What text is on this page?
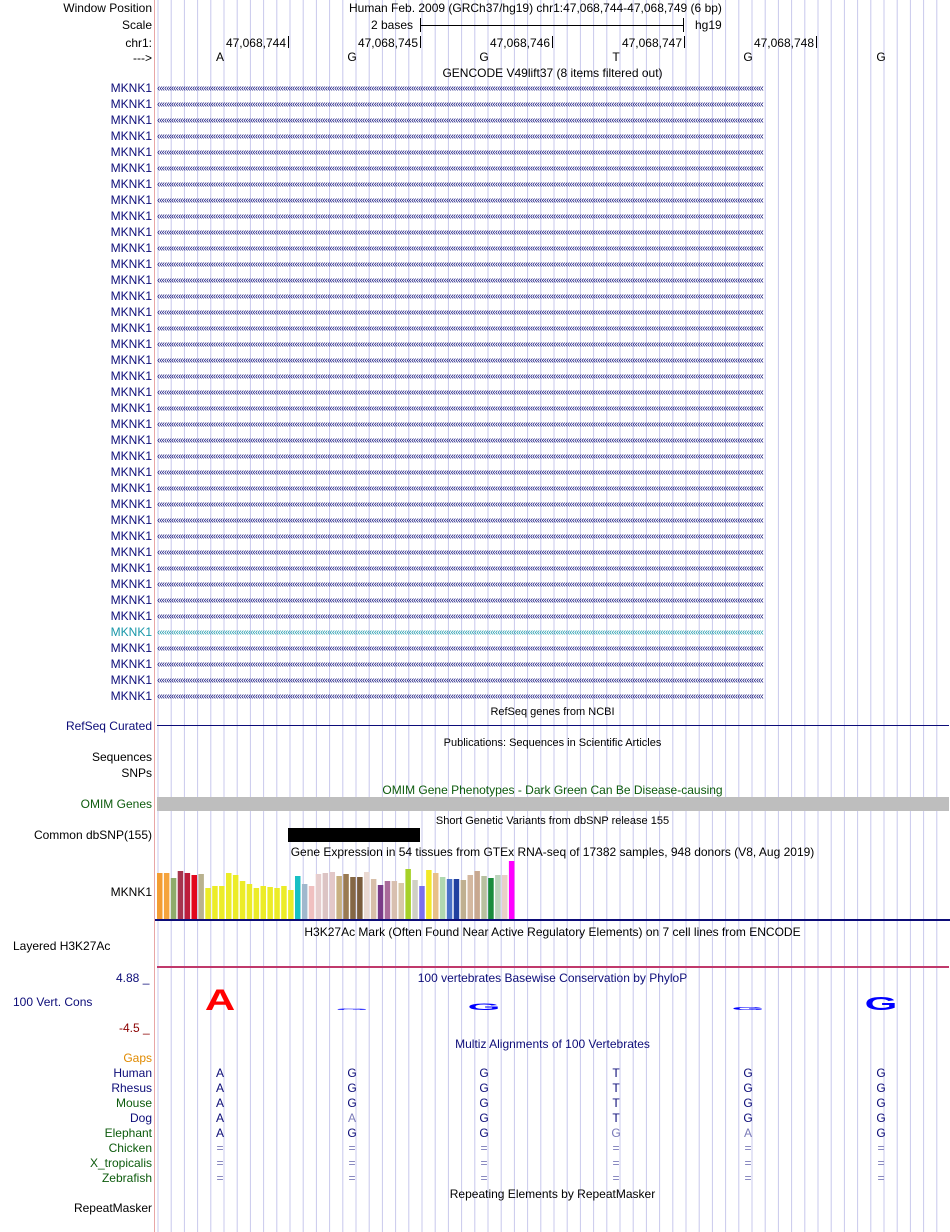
Window Position	Human Feb. 2009 (GRCh37/hg19) chr1:47,068,744-47,068,749 (6 bp)
Scale	2 bases	hg19
chr1:	47,068,744	47,068,745	47,068,746	47,068,747	47,068,748
--->	A	G	G	T	G	G
GENCODE V49lift37 (8 items filtered out)
MKNK1 ‹‹‹‹‹‹‹‹‹‹‹‹‹‹‹‹‹‹‹‹‹‹‹‹‹‹‹‹‹‹‹‹‹‹‹‹‹‹‹‹‹‹‹‹‹‹‹‹‹‹‹‹‹‹‹‹‹‹‹‹‹‹‹‹‹‹‹‹‹‹‹‹‹‹‹‹‹‹‹‹‹‹‹‹‹‹‹‹‹‹‹‹‹‹‹‹‹‹‹‹‹‹‹‹‹‹‹‹‹‹‹‹‹‹‹‹‹‹‹‹‹‹‹‹‹‹‹‹‹‹‹‹‹‹‹‹‹‹‹‹‹‹‹‹‹‹‹‹‹‹‹‹‹‹‹‹‹‹‹‹‹‹‹‹‹‹‹‹‹‹‹‹‹‹‹‹‹‹‹‹‹‹‹‹‹‹‹‹‹‹‹‹‹‹‹‹‹‹‹‹‹‹‹‹‹‹‹‹‹‹‹‹‹‹‹‹‹‹‹‹‹‹‹‹‹‹‹‹‹‹‹‹‹‹‹‹‹‹‹‹‹‹‹‹‹‹‹‹‹‹‹‹‹‹‹‹‹‹‹‹
MKNK1 ‹‹‹‹‹‹‹‹‹‹‹‹‹‹‹‹‹‹‹‹‹‹‹‹‹‹‹‹‹‹‹‹‹‹‹‹‹‹‹‹‹‹‹‹‹‹‹‹‹‹‹‹‹‹‹‹‹‹‹‹‹‹‹‹‹‹‹‹‹‹‹‹‹‹‹‹‹‹‹‹‹‹‹‹‹‹‹‹‹‹‹‹‹‹‹‹‹‹‹‹‹‹‹‹‹‹‹‹‹‹‹‹‹‹‹‹‹‹‹‹‹‹‹‹‹‹‹‹‹‹‹‹‹‹‹‹‹‹‹‹‹‹‹‹‹‹‹‹‹‹‹‹‹‹‹‹‹‹‹‹‹‹‹‹‹‹‹‹‹‹‹‹‹‹‹‹‹‹‹‹‹‹‹‹‹‹‹‹‹‹‹‹‹‹‹‹‹‹‹‹‹‹‹‹‹‹‹‹‹‹‹‹‹‹‹‹‹‹‹‹‹‹‹‹‹‹‹‹‹‹‹‹‹‹‹‹‹‹‹‹‹‹‹‹‹‹‹‹‹‹‹‹‹‹‹‹‹‹‹‹
MKNK1 ‹‹‹‹‹‹‹‹‹‹‹‹‹‹‹‹‹‹‹‹‹‹‹‹‹‹‹‹‹‹‹‹‹‹‹‹‹‹‹‹‹‹‹‹‹‹‹‹‹‹‹‹‹‹‹‹‹‹‹‹‹‹‹‹‹‹‹‹‹‹‹‹‹‹‹‹‹‹‹‹‹‹‹‹‹‹‹‹‹‹‹‹‹‹‹‹‹‹‹‹‹‹‹‹‹‹‹‹‹‹‹‹‹‹‹‹‹‹‹‹‹‹‹‹‹‹‹‹‹‹‹‹‹‹‹‹‹‹‹‹‹‹‹‹‹‹‹‹‹‹‹‹‹‹‹‹‹‹‹‹‹‹‹‹‹‹‹‹‹‹‹‹‹‹‹‹‹‹‹‹‹‹‹‹‹‹‹‹‹‹‹‹‹‹‹‹‹‹‹‹‹‹‹‹‹‹‹‹‹‹‹‹‹‹‹‹‹‹‹‹‹‹‹‹‹‹‹‹‹‹‹‹‹‹‹‹‹‹‹‹‹‹‹‹‹‹‹‹‹‹‹‹‹‹‹‹‹‹‹‹
MKNK1 ‹‹‹‹‹‹‹‹‹‹‹‹‹‹‹‹‹‹‹‹‹‹‹‹‹‹‹‹‹‹‹‹‹‹‹‹‹‹‹‹‹‹‹‹‹‹‹‹‹‹‹‹‹‹‹‹‹‹‹‹‹‹‹‹‹‹‹‹‹‹‹‹‹‹‹‹‹‹‹‹‹‹‹‹‹‹‹‹‹‹‹‹‹‹‹‹‹‹‹‹‹‹‹‹‹‹‹‹‹‹‹‹‹‹‹‹‹‹‹‹‹‹‹‹‹‹‹‹‹‹‹‹‹‹‹‹‹‹‹‹‹‹‹‹‹‹‹‹‹‹‹‹‹‹‹‹‹‹‹‹‹‹‹‹‹‹‹‹‹‹‹‹‹‹‹‹‹‹‹‹‹‹‹‹‹‹‹‹‹‹‹‹‹‹‹‹‹‹‹‹‹‹‹‹‹‹‹‹‹‹‹‹‹‹‹‹‹‹‹‹‹‹‹‹‹‹‹‹‹‹‹‹‹‹‹‹‹‹‹‹‹‹‹‹‹‹‹‹‹‹‹‹‹‹‹‹‹‹‹‹
MKNK1 ‹‹‹‹‹‹‹‹‹‹‹‹‹‹‹‹‹‹‹‹‹‹‹‹‹‹‹‹‹‹‹‹‹‹‹‹‹‹‹‹‹‹‹‹‹‹‹‹‹‹‹‹‹‹‹‹‹‹‹‹‹‹‹‹‹‹‹‹‹‹‹‹‹‹‹‹‹‹‹‹‹‹‹‹‹‹‹‹‹‹‹‹‹‹‹‹‹‹‹‹‹‹‹‹‹‹‹‹‹‹‹‹‹‹‹‹‹‹‹‹‹‹‹‹‹‹‹‹‹‹‹‹‹‹‹‹‹‹‹‹‹‹‹‹‹‹‹‹‹‹‹‹‹‹‹‹‹‹‹‹‹‹‹‹‹‹‹‹‹‹‹‹‹‹‹‹‹‹‹‹‹‹‹‹‹‹‹‹‹‹‹‹‹‹‹‹‹‹‹‹‹‹‹‹‹‹‹‹‹‹‹‹‹‹‹‹‹‹‹‹‹‹‹‹‹‹‹‹‹‹‹‹‹‹‹‹‹‹‹‹‹‹‹‹‹‹‹‹‹‹‹‹‹‹‹‹‹‹‹‹
MKNK1 ‹‹‹‹‹‹‹‹‹‹‹‹‹‹‹‹‹‹‹‹‹‹‹‹‹‹‹‹‹‹‹‹‹‹‹‹‹‹‹‹‹‹‹‹‹‹‹‹‹‹‹‹‹‹‹‹‹‹‹‹‹‹‹‹‹‹‹‹‹‹‹‹‹‹‹‹‹‹‹‹‹‹‹‹‹‹‹‹‹‹‹‹‹‹‹‹‹‹‹‹‹‹‹‹‹‹‹‹‹‹‹‹‹‹‹‹‹‹‹‹‹‹‹‹‹‹‹‹‹‹‹‹‹‹‹‹‹‹‹‹‹‹‹‹‹‹‹‹‹‹‹‹‹‹‹‹‹‹‹‹‹‹‹‹‹‹‹‹‹‹‹‹‹‹‹‹‹‹‹‹‹‹‹‹‹‹‹‹‹‹‹‹‹‹‹‹‹‹‹‹‹‹‹‹‹‹‹‹‹‹‹‹‹‹‹‹‹‹‹‹‹‹‹‹‹‹‹‹‹‹‹‹‹‹‹‹‹‹‹‹‹‹‹‹‹‹‹‹‹‹‹‹‹‹‹‹‹‹‹‹
MKNK1 ‹‹‹‹‹‹‹‹‹‹‹‹‹‹‹‹‹‹‹‹‹‹‹‹‹‹‹‹‹‹‹‹‹‹‹‹‹‹‹‹‹‹‹‹‹‹‹‹‹‹‹‹‹‹‹‹‹‹‹‹‹‹‹‹‹‹‹‹‹‹‹‹‹‹‹‹‹‹‹‹‹‹‹‹‹‹‹‹‹‹‹‹‹‹‹‹‹‹‹‹‹‹‹‹‹‹‹‹‹‹‹‹‹‹‹‹‹‹‹‹‹‹‹‹‹‹‹‹‹‹‹‹‹‹‹‹‹‹‹‹‹‹‹‹‹‹‹‹‹‹‹‹‹‹‹‹‹‹‹‹‹‹‹‹‹‹‹‹‹‹‹‹‹‹‹‹‹‹‹‹‹‹‹‹‹‹‹‹‹‹‹‹‹‹‹‹‹‹‹‹‹‹‹‹‹‹‹‹‹‹‹‹‹‹‹‹‹‹‹‹‹‹‹‹‹‹‹‹‹‹‹‹‹‹‹‹‹‹‹‹‹‹‹‹‹‹‹‹‹‹‹‹‹‹‹‹‹‹‹‹
MKNK1 ‹‹‹‹‹‹‹‹‹‹‹‹‹‹‹‹‹‹‹‹‹‹‹‹‹‹‹‹‹‹‹‹‹‹‹‹‹‹‹‹‹‹‹‹‹‹‹‹‹‹‹‹‹‹‹‹‹‹‹‹‹‹‹‹‹‹‹‹‹‹‹‹‹‹‹‹‹‹‹‹‹‹‹‹‹‹‹‹‹‹‹‹‹‹‹‹‹‹‹‹‹‹‹‹‹‹‹‹‹‹‹‹‹‹‹‹‹‹‹‹‹‹‹‹‹‹‹‹‹‹‹‹‹‹‹‹‹‹‹‹‹‹‹‹‹‹‹‹‹‹‹‹‹‹‹‹‹‹‹‹‹‹‹‹‹‹‹‹‹‹‹‹‹‹‹‹‹‹‹‹‹‹‹‹‹‹‹‹‹‹‹‹‹‹‹‹‹‹‹‹‹‹‹‹‹‹‹‹‹‹‹‹‹‹‹‹‹‹‹‹‹‹‹‹‹‹‹‹‹‹‹‹‹‹‹‹‹‹‹‹‹‹‹‹‹‹‹‹‹‹‹‹‹‹‹‹‹‹‹‹
MKNK1 ‹‹‹‹‹‹‹‹‹‹‹‹‹‹‹‹‹‹‹‹‹‹‹‹‹‹‹‹‹‹‹‹‹‹‹‹‹‹‹‹‹‹‹‹‹‹‹‹‹‹‹‹‹‹‹‹‹‹‹‹‹‹‹‹‹‹‹‹‹‹‹‹‹‹‹‹‹‹‹‹‹‹‹‹‹‹‹‹‹‹‹‹‹‹‹‹‹‹‹‹‹‹‹‹‹‹‹‹‹‹‹‹‹‹‹‹‹‹‹‹‹‹‹‹‹‹‹‹‹‹‹‹‹‹‹‹‹‹‹‹‹‹‹‹‹‹‹‹‹‹‹‹‹‹‹‹‹‹‹‹‹‹‹‹‹‹‹‹‹‹‹‹‹‹‹‹‹‹‹‹‹‹‹‹‹‹‹‹‹‹‹‹‹‹‹‹‹‹‹‹‹‹‹‹‹‹‹‹‹‹‹‹‹‹‹‹‹‹‹‹‹‹‹‹‹‹‹‹‹‹‹‹‹‹‹‹‹‹‹‹‹‹‹‹‹‹‹‹‹‹‹‹‹‹‹‹‹‹‹‹
MKNK1 ‹‹‹‹‹‹‹‹‹‹‹‹‹‹‹‹‹‹‹‹‹‹‹‹‹‹‹‹‹‹‹‹‹‹‹‹‹‹‹‹‹‹‹‹‹‹‹‹‹‹‹‹‹‹‹‹‹‹‹‹‹‹‹‹‹‹‹‹‹‹‹‹‹‹‹‹‹‹‹‹‹‹‹‹‹‹‹‹‹‹‹‹‹‹‹‹‹‹‹‹‹‹‹‹‹‹‹‹‹‹‹‹‹‹‹‹‹‹‹‹‹‹‹‹‹‹‹‹‹‹‹‹‹‹‹‹‹‹‹‹‹‹‹‹‹‹‹‹‹‹‹‹‹‹‹‹‹‹‹‹‹‹‹‹‹‹‹‹‹‹‹‹‹‹‹‹‹‹‹‹‹‹‹‹‹‹‹‹‹‹‹‹‹‹‹‹‹‹‹‹‹‹‹‹‹‹‹‹‹‹‹‹‹‹‹‹‹‹‹‹‹‹‹‹‹‹‹‹‹‹‹‹‹‹‹‹‹‹‹‹‹‹‹‹‹‹‹‹‹‹‹‹‹‹‹‹‹‹‹‹
MKNK1 ‹‹‹‹‹‹‹‹‹‹‹‹‹‹‹‹‹‹‹‹‹‹‹‹‹‹‹‹‹‹‹‹‹‹‹‹‹‹‹‹‹‹‹‹‹‹‹‹‹‹‹‹‹‹‹‹‹‹‹‹‹‹‹‹‹‹‹‹‹‹‹‹‹‹‹‹‹‹‹‹‹‹‹‹‹‹‹‹‹‹‹‹‹‹‹‹‹‹‹‹‹‹‹‹‹‹‹‹‹‹‹‹‹‹‹‹‹‹‹‹‹‹‹‹‹‹‹‹‹‹‹‹‹‹‹‹‹‹‹‹‹‹‹‹‹‹‹‹‹‹‹‹‹‹‹‹‹‹‹‹‹‹‹‹‹‹‹‹‹‹‹‹‹‹‹‹‹‹‹‹‹‹‹‹‹‹‹‹‹‹‹‹‹‹‹‹‹‹‹‹‹‹‹‹‹‹‹‹‹‹‹‹‹‹‹‹‹‹‹‹‹‹‹‹‹‹‹‹‹‹‹‹‹‹‹‹‹‹‹‹‹‹‹‹‹‹‹‹‹‹‹‹‹‹‹‹‹‹‹‹
MKNK1 ‹‹‹‹‹‹‹‹‹‹‹‹‹‹‹‹‹‹‹‹‹‹‹‹‹‹‹‹‹‹‹‹‹‹‹‹‹‹‹‹‹‹‹‹‹‹‹‹‹‹‹‹‹‹‹‹‹‹‹‹‹‹‹‹‹‹‹‹‹‹‹‹‹‹‹‹‹‹‹‹‹‹‹‹‹‹‹‹‹‹‹‹‹‹‹‹‹‹‹‹‹‹‹‹‹‹‹‹‹‹‹‹‹‹‹‹‹‹‹‹‹‹‹‹‹‹‹‹‹‹‹‹‹‹‹‹‹‹‹‹‹‹‹‹‹‹‹‹‹‹‹‹‹‹‹‹‹‹‹‹‹‹‹‹‹‹‹‹‹‹‹‹‹‹‹‹‹‹‹‹‹‹‹‹‹‹‹‹‹‹‹‹‹‹‹‹‹‹‹‹‹‹‹‹‹‹‹‹‹‹‹‹‹‹‹‹‹‹‹‹‹‹‹‹‹‹‹‹‹‹‹‹‹‹‹‹‹‹‹‹‹‹‹‹‹‹‹‹‹‹‹‹‹‹‹‹‹‹‹‹
MKNK1 ‹‹‹‹‹‹‹‹‹‹‹‹‹‹‹‹‹‹‹‹‹‹‹‹‹‹‹‹‹‹‹‹‹‹‹‹‹‹‹‹‹‹‹‹‹‹‹‹‹‹‹‹‹‹‹‹‹‹‹‹‹‹‹‹‹‹‹‹‹‹‹‹‹‹‹‹‹‹‹‹‹‹‹‹‹‹‹‹‹‹‹‹‹‹‹‹‹‹‹‹‹‹‹‹‹‹‹‹‹‹‹‹‹‹‹‹‹‹‹‹‹‹‹‹‹‹‹‹‹‹‹‹‹‹‹‹‹‹‹‹‹‹‹‹‹‹‹‹‹‹‹‹‹‹‹‹‹‹‹‹‹‹‹‹‹‹‹‹‹‹‹‹‹‹‹‹‹‹‹‹‹‹‹‹‹‹‹‹‹‹‹‹‹‹‹‹‹‹‹‹‹‹‹‹‹‹‹‹‹‹‹‹‹‹‹‹‹‹‹‹‹‹‹‹‹‹‹‹‹‹‹‹‹‹‹‹‹‹‹‹‹‹‹‹‹‹‹‹‹‹‹‹‹‹‹‹‹‹‹‹
MKNK1 ‹‹‹‹‹‹‹‹‹‹‹‹‹‹‹‹‹‹‹‹‹‹‹‹‹‹‹‹‹‹‹‹‹‹‹‹‹‹‹‹‹‹‹‹‹‹‹‹‹‹‹‹‹‹‹‹‹‹‹‹‹‹‹‹‹‹‹‹‹‹‹‹‹‹‹‹‹‹‹‹‹‹‹‹‹‹‹‹‹‹‹‹‹‹‹‹‹‹‹‹‹‹‹‹‹‹‹‹‹‹‹‹‹‹‹‹‹‹‹‹‹‹‹‹‹‹‹‹‹‹‹‹‹‹‹‹‹‹‹‹‹‹‹‹‹‹‹‹‹‹‹‹‹‹‹‹‹‹‹‹‹‹‹‹‹‹‹‹‹‹‹‹‹‹‹‹‹‹‹‹‹‹‹‹‹‹‹‹‹‹‹‹‹‹‹‹‹‹‹‹‹‹‹‹‹‹‹‹‹‹‹‹‹‹‹‹‹‹‹‹‹‹‹‹‹‹‹‹‹‹‹‹‹‹‹‹‹‹‹‹‹‹‹‹‹‹‹‹‹‹‹‹‹‹‹‹‹‹‹‹
MKNK1 ‹‹‹‹‹‹‹‹‹‹‹‹‹‹‹‹‹‹‹‹‹‹‹‹‹‹‹‹‹‹‹‹‹‹‹‹‹‹‹‹‹‹‹‹‹‹‹‹‹‹‹‹‹‹‹‹‹‹‹‹‹‹‹‹‹‹‹‹‹‹‹‹‹‹‹‹‹‹‹‹‹‹‹‹‹‹‹‹‹‹‹‹‹‹‹‹‹‹‹‹‹‹‹‹‹‹‹‹‹‹‹‹‹‹‹‹‹‹‹‹‹‹‹‹‹‹‹‹‹‹‹‹‹‹‹‹‹‹‹‹‹‹‹‹‹‹‹‹‹‹‹‹‹‹‹‹‹‹‹‹‹‹‹‹‹‹‹‹‹‹‹‹‹‹‹‹‹‹‹‹‹‹‹‹‹‹‹‹‹‹‹‹‹‹‹‹‹‹‹‹‹‹‹‹‹‹‹‹‹‹‹‹‹‹‹‹‹‹‹‹‹‹‹‹‹‹‹‹‹‹‹‹‹‹‹‹‹‹‹‹‹‹‹‹‹‹‹‹‹‹‹‹‹‹‹‹‹‹‹‹
MKNK1 ‹‹‹‹‹‹‹‹‹‹‹‹‹‹‹‹‹‹‹‹‹‹‹‹‹‹‹‹‹‹‹‹‹‹‹‹‹‹‹‹‹‹‹‹‹‹‹‹‹‹‹‹‹‹‹‹‹‹‹‹‹‹‹‹‹‹‹‹‹‹‹‹‹‹‹‹‹‹‹‹‹‹‹‹‹‹‹‹‹‹‹‹‹‹‹‹‹‹‹‹‹‹‹‹‹‹‹‹‹‹‹‹‹‹‹‹‹‹‹‹‹‹‹‹‹‹‹‹‹‹‹‹‹‹‹‹‹‹‹‹‹‹‹‹‹‹‹‹‹‹‹‹‹‹‹‹‹‹‹‹‹‹‹‹‹‹‹‹‹‹‹‹‹‹‹‹‹‹‹‹‹‹‹‹‹‹‹‹‹‹‹‹‹‹‹‹‹‹‹‹‹‹‹‹‹‹‹‹‹‹‹‹‹‹‹‹‹‹‹‹‹‹‹‹‹‹‹‹‹‹‹‹‹‹‹‹‹‹‹‹‹‹‹‹‹‹‹‹‹‹‹‹‹‹‹‹‹‹‹‹
MKNK1 ‹‹‹‹‹‹‹‹‹‹‹‹‹‹‹‹‹‹‹‹‹‹‹‹‹‹‹‹‹‹‹‹‹‹‹‹‹‹‹‹‹‹‹‹‹‹‹‹‹‹‹‹‹‹‹‹‹‹‹‹‹‹‹‹‹‹‹‹‹‹‹‹‹‹‹‹‹‹‹‹‹‹‹‹‹‹‹‹‹‹‹‹‹‹‹‹‹‹‹‹‹‹‹‹‹‹‹‹‹‹‹‹‹‹‹‹‹‹‹‹‹‹‹‹‹‹‹‹‹‹‹‹‹‹‹‹‹‹‹‹‹‹‹‹‹‹‹‹‹‹‹‹‹‹‹‹‹‹‹‹‹‹‹‹‹‹‹‹‹‹‹‹‹‹‹‹‹‹‹‹‹‹‹‹‹‹‹‹‹‹‹‹‹‹‹‹‹‹‹‹‹‹‹‹‹‹‹‹‹‹‹‹‹‹‹‹‹‹‹‹‹‹‹‹‹‹‹‹‹‹‹‹‹‹‹‹‹‹‹‹‹‹‹‹‹‹‹‹‹‹‹‹‹‹‹‹‹‹‹‹
MKNK1 ‹‹‹‹‹‹‹‹‹‹‹‹‹‹‹‹‹‹‹‹‹‹‹‹‹‹‹‹‹‹‹‹‹‹‹‹‹‹‹‹‹‹‹‹‹‹‹‹‹‹‹‹‹‹‹‹‹‹‹‹‹‹‹‹‹‹‹‹‹‹‹‹‹‹‹‹‹‹‹‹‹‹‹‹‹‹‹‹‹‹‹‹‹‹‹‹‹‹‹‹‹‹‹‹‹‹‹‹‹‹‹‹‹‹‹‹‹‹‹‹‹‹‹‹‹‹‹‹‹‹‹‹‹‹‹‹‹‹‹‹‹‹‹‹‹‹‹‹‹‹‹‹‹‹‹‹‹‹‹‹‹‹‹‹‹‹‹‹‹‹‹‹‹‹‹‹‹‹‹‹‹‹‹‹‹‹‹‹‹‹‹‹‹‹‹‹‹‹‹‹‹‹‹‹‹‹‹‹‹‹‹‹‹‹‹‹‹‹‹‹‹‹‹‹‹‹‹‹‹‹‹‹‹‹‹‹‹‹‹‹‹‹‹‹‹‹‹‹‹‹‹‹‹‹‹‹‹‹‹‹
MKNK1 ‹‹‹‹‹‹‹‹‹‹‹‹‹‹‹‹‹‹‹‹‹‹‹‹‹‹‹‹‹‹‹‹‹‹‹‹‹‹‹‹‹‹‹‹‹‹‹‹‹‹‹‹‹‹‹‹‹‹‹‹‹‹‹‹‹‹‹‹‹‹‹‹‹‹‹‹‹‹‹‹‹‹‹‹‹‹‹‹‹‹‹‹‹‹‹‹‹‹‹‹‹‹‹‹‹‹‹‹‹‹‹‹‹‹‹‹‹‹‹‹‹‹‹‹‹‹‹‹‹‹‹‹‹‹‹‹‹‹‹‹‹‹‹‹‹‹‹‹‹‹‹‹‹‹‹‹‹‹‹‹‹‹‹‹‹‹‹‹‹‹‹‹‹‹‹‹‹‹‹‹‹‹‹‹‹‹‹‹‹‹‹‹‹‹‹‹‹‹‹‹‹‹‹‹‹‹‹‹‹‹‹‹‹‹‹‹‹‹‹‹‹‹‹‹‹‹‹‹‹‹‹‹‹‹‹‹‹‹‹‹‹‹‹‹‹‹‹‹‹‹‹‹‹‹‹‹‹‹‹‹
MKNK1 ‹‹‹‹‹‹‹‹‹‹‹‹‹‹‹‹‹‹‹‹‹‹‹‹‹‹‹‹‹‹‹‹‹‹‹‹‹‹‹‹‹‹‹‹‹‹‹‹‹‹‹‹‹‹‹‹‹‹‹‹‹‹‹‹‹‹‹‹‹‹‹‹‹‹‹‹‹‹‹‹‹‹‹‹‹‹‹‹‹‹‹‹‹‹‹‹‹‹‹‹‹‹‹‹‹‹‹‹‹‹‹‹‹‹‹‹‹‹‹‹‹‹‹‹‹‹‹‹‹‹‹‹‹‹‹‹‹‹‹‹‹‹‹‹‹‹‹‹‹‹‹‹‹‹‹‹‹‹‹‹‹‹‹‹‹‹‹‹‹‹‹‹‹‹‹‹‹‹‹‹‹‹‹‹‹‹‹‹‹‹‹‹‹‹‹‹‹‹‹‹‹‹‹‹‹‹‹‹‹‹‹‹‹‹‹‹‹‹‹‹‹‹‹‹‹‹‹‹‹‹‹‹‹‹‹‹‹‹‹‹‹‹‹‹‹‹‹‹‹‹‹‹‹‹‹‹‹‹‹‹
MKNK1 ‹‹‹‹‹‹‹‹‹‹‹‹‹‹‹‹‹‹‹‹‹‹‹‹‹‹‹‹‹‹‹‹‹‹‹‹‹‹‹‹‹‹‹‹‹‹‹‹‹‹‹‹‹‹‹‹‹‹‹‹‹‹‹‹‹‹‹‹‹‹‹‹‹‹‹‹‹‹‹‹‹‹‹‹‹‹‹‹‹‹‹‹‹‹‹‹‹‹‹‹‹‹‹‹‹‹‹‹‹‹‹‹‹‹‹‹‹‹‹‹‹‹‹‹‹‹‹‹‹‹‹‹‹‹‹‹‹‹‹‹‹‹‹‹‹‹‹‹‹‹‹‹‹‹‹‹‹‹‹‹‹‹‹‹‹‹‹‹‹‹‹‹‹‹‹‹‹‹‹‹‹‹‹‹‹‹‹‹‹‹‹‹‹‹‹‹‹‹‹‹‹‹‹‹‹‹‹‹‹‹‹‹‹‹‹‹‹‹‹‹‹‹‹‹‹‹‹‹‹‹‹‹‹‹‹‹‹‹‹‹‹‹‹‹‹‹‹‹‹‹‹‹‹‹‹‹‹‹‹‹
MKNK1 ‹‹‹‹‹‹‹‹‹‹‹‹‹‹‹‹‹‹‹‹‹‹‹‹‹‹‹‹‹‹‹‹‹‹‹‹‹‹‹‹‹‹‹‹‹‹‹‹‹‹‹‹‹‹‹‹‹‹‹‹‹‹‹‹‹‹‹‹‹‹‹‹‹‹‹‹‹‹‹‹‹‹‹‹‹‹‹‹‹‹‹‹‹‹‹‹‹‹‹‹‹‹‹‹‹‹‹‹‹‹‹‹‹‹‹‹‹‹‹‹‹‹‹‹‹‹‹‹‹‹‹‹‹‹‹‹‹‹‹‹‹‹‹‹‹‹‹‹‹‹‹‹‹‹‹‹‹‹‹‹‹‹‹‹‹‹‹‹‹‹‹‹‹‹‹‹‹‹‹‹‹‹‹‹‹‹‹‹‹‹‹‹‹‹‹‹‹‹‹‹‹‹‹‹‹‹‹‹‹‹‹‹‹‹‹‹‹‹‹‹‹‹‹‹‹‹‹‹‹‹‹‹‹‹‹‹‹‹‹‹‹‹‹‹‹‹‹‹‹‹‹‹‹‹‹‹‹‹‹‹
MKNK1 ‹‹‹‹‹‹‹‹‹‹‹‹‹‹‹‹‹‹‹‹‹‹‹‹‹‹‹‹‹‹‹‹‹‹‹‹‹‹‹‹‹‹‹‹‹‹‹‹‹‹‹‹‹‹‹‹‹‹‹‹‹‹‹‹‹‹‹‹‹‹‹‹‹‹‹‹‹‹‹‹‹‹‹‹‹‹‹‹‹‹‹‹‹‹‹‹‹‹‹‹‹‹‹‹‹‹‹‹‹‹‹‹‹‹‹‹‹‹‹‹‹‹‹‹‹‹‹‹‹‹‹‹‹‹‹‹‹‹‹‹‹‹‹‹‹‹‹‹‹‹‹‹‹‹‹‹‹‹‹‹‹‹‹‹‹‹‹‹‹‹‹‹‹‹‹‹‹‹‹‹‹‹‹‹‹‹‹‹‹‹‹‹‹‹‹‹‹‹‹‹‹‹‹‹‹‹‹‹‹‹‹‹‹‹‹‹‹‹‹‹‹‹‹‹‹‹‹‹‹‹‹‹‹‹‹‹‹‹‹‹‹‹‹‹‹‹‹‹‹‹‹‹‹‹‹‹‹‹‹‹
MKNK1 ‹‹‹‹‹‹‹‹‹‹‹‹‹‹‹‹‹‹‹‹‹‹‹‹‹‹‹‹‹‹‹‹‹‹‹‹‹‹‹‹‹‹‹‹‹‹‹‹‹‹‹‹‹‹‹‹‹‹‹‹‹‹‹‹‹‹‹‹‹‹‹‹‹‹‹‹‹‹‹‹‹‹‹‹‹‹‹‹‹‹‹‹‹‹‹‹‹‹‹‹‹‹‹‹‹‹‹‹‹‹‹‹‹‹‹‹‹‹‹‹‹‹‹‹‹‹‹‹‹‹‹‹‹‹‹‹‹‹‹‹‹‹‹‹‹‹‹‹‹‹‹‹‹‹‹‹‹‹‹‹‹‹‹‹‹‹‹‹‹‹‹‹‹‹‹‹‹‹‹‹‹‹‹‹‹‹‹‹‹‹‹‹‹‹‹‹‹‹‹‹‹‹‹‹‹‹‹‹‹‹‹‹‹‹‹‹‹‹‹‹‹‹‹‹‹‹‹‹‹‹‹‹‹‹‹‹‹‹‹‹‹‹‹‹‹‹‹‹‹‹‹‹‹‹‹‹‹‹‹‹
MKNK1 ‹‹‹‹‹‹‹‹‹‹‹‹‹‹‹‹‹‹‹‹‹‹‹‹‹‹‹‹‹‹‹‹‹‹‹‹‹‹‹‹‹‹‹‹‹‹‹‹‹‹‹‹‹‹‹‹‹‹‹‹‹‹‹‹‹‹‹‹‹‹‹‹‹‹‹‹‹‹‹‹‹‹‹‹‹‹‹‹‹‹‹‹‹‹‹‹‹‹‹‹‹‹‹‹‹‹‹‹‹‹‹‹‹‹‹‹‹‹‹‹‹‹‹‹‹‹‹‹‹‹‹‹‹‹‹‹‹‹‹‹‹‹‹‹‹‹‹‹‹‹‹‹‹‹‹‹‹‹‹‹‹‹‹‹‹‹‹‹‹‹‹‹‹‹‹‹‹‹‹‹‹‹‹‹‹‹‹‹‹‹‹‹‹‹‹‹‹‹‹‹‹‹‹‹‹‹‹‹‹‹‹‹‹‹‹‹‹‹‹‹‹‹‹‹‹‹‹‹‹‹‹‹‹‹‹‹‹‹‹‹‹‹‹‹‹‹‹‹‹‹‹‹‹‹‹‹‹‹‹‹
MKNK1 ‹‹‹‹‹‹‹‹‹‹‹‹‹‹‹‹‹‹‹‹‹‹‹‹‹‹‹‹‹‹‹‹‹‹‹‹‹‹‹‹‹‹‹‹‹‹‹‹‹‹‹‹‹‹‹‹‹‹‹‹‹‹‹‹‹‹‹‹‹‹‹‹‹‹‹‹‹‹‹‹‹‹‹‹‹‹‹‹‹‹‹‹‹‹‹‹‹‹‹‹‹‹‹‹‹‹‹‹‹‹‹‹‹‹‹‹‹‹‹‹‹‹‹‹‹‹‹‹‹‹‹‹‹‹‹‹‹‹‹‹‹‹‹‹‹‹‹‹‹‹‹‹‹‹‹‹‹‹‹‹‹‹‹‹‹‹‹‹‹‹‹‹‹‹‹‹‹‹‹‹‹‹‹‹‹‹‹‹‹‹‹‹‹‹‹‹‹‹‹‹‹‹‹‹‹‹‹‹‹‹‹‹‹‹‹‹‹‹‹‹‹‹‹‹‹‹‹‹‹‹‹‹‹‹‹‹‹‹‹‹‹‹‹‹‹‹‹‹‹‹‹‹‹‹‹‹‹‹‹‹
MKNK1 ‹‹‹‹‹‹‹‹‹‹‹‹‹‹‹‹‹‹‹‹‹‹‹‹‹‹‹‹‹‹‹‹‹‹‹‹‹‹‹‹‹‹‹‹‹‹‹‹‹‹‹‹‹‹‹‹‹‹‹‹‹‹‹‹‹‹‹‹‹‹‹‹‹‹‹‹‹‹‹‹‹‹‹‹‹‹‹‹‹‹‹‹‹‹‹‹‹‹‹‹‹‹‹‹‹‹‹‹‹‹‹‹‹‹‹‹‹‹‹‹‹‹‹‹‹‹‹‹‹‹‹‹‹‹‹‹‹‹‹‹‹‹‹‹‹‹‹‹‹‹‹‹‹‹‹‹‹‹‹‹‹‹‹‹‹‹‹‹‹‹‹‹‹‹‹‹‹‹‹‹‹‹‹‹‹‹‹‹‹‹‹‹‹‹‹‹‹‹‹‹‹‹‹‹‹‹‹‹‹‹‹‹‹‹‹‹‹‹‹‹‹‹‹‹‹‹‹‹‹‹‹‹‹‹‹‹‹‹‹‹‹‹‹‹‹‹‹‹‹‹‹‹‹‹‹‹‹‹‹‹
MKNK1 ‹‹‹‹‹‹‹‹‹‹‹‹‹‹‹‹‹‹‹‹‹‹‹‹‹‹‹‹‹‹‹‹‹‹‹‹‹‹‹‹‹‹‹‹‹‹‹‹‹‹‹‹‹‹‹‹‹‹‹‹‹‹‹‹‹‹‹‹‹‹‹‹‹‹‹‹‹‹‹‹‹‹‹‹‹‹‹‹‹‹‹‹‹‹‹‹‹‹‹‹‹‹‹‹‹‹‹‹‹‹‹‹‹‹‹‹‹‹‹‹‹‹‹‹‹‹‹‹‹‹‹‹‹‹‹‹‹‹‹‹‹‹‹‹‹‹‹‹‹‹‹‹‹‹‹‹‹‹‹‹‹‹‹‹‹‹‹‹‹‹‹‹‹‹‹‹‹‹‹‹‹‹‹‹‹‹‹‹‹‹‹‹‹‹‹‹‹‹‹‹‹‹‹‹‹‹‹‹‹‹‹‹‹‹‹‹‹‹‹‹‹‹‹‹‹‹‹‹‹‹‹‹‹‹‹‹‹‹‹‹‹‹‹‹‹‹‹‹‹‹‹‹‹‹‹‹‹‹‹‹
MKNK1 ‹‹‹‹‹‹‹‹‹‹‹‹‹‹‹‹‹‹‹‹‹‹‹‹‹‹‹‹‹‹‹‹‹‹‹‹‹‹‹‹‹‹‹‹‹‹‹‹‹‹‹‹‹‹‹‹‹‹‹‹‹‹‹‹‹‹‹‹‹‹‹‹‹‹‹‹‹‹‹‹‹‹‹‹‹‹‹‹‹‹‹‹‹‹‹‹‹‹‹‹‹‹‹‹‹‹‹‹‹‹‹‹‹‹‹‹‹‹‹‹‹‹‹‹‹‹‹‹‹‹‹‹‹‹‹‹‹‹‹‹‹‹‹‹‹‹‹‹‹‹‹‹‹‹‹‹‹‹‹‹‹‹‹‹‹‹‹‹‹‹‹‹‹‹‹‹‹‹‹‹‹‹‹‹‹‹‹‹‹‹‹‹‹‹‹‹‹‹‹‹‹‹‹‹‹‹‹‹‹‹‹‹‹‹‹‹‹‹‹‹‹‹‹‹‹‹‹‹‹‹‹‹‹‹‹‹‹‹‹‹‹‹‹‹‹‹‹‹‹‹‹‹‹‹‹‹‹‹‹‹
MKNK1 ‹‹‹‹‹‹‹‹‹‹‹‹‹‹‹‹‹‹‹‹‹‹‹‹‹‹‹‹‹‹‹‹‹‹‹‹‹‹‹‹‹‹‹‹‹‹‹‹‹‹‹‹‹‹‹‹‹‹‹‹‹‹‹‹‹‹‹‹‹‹‹‹‹‹‹‹‹‹‹‹‹‹‹‹‹‹‹‹‹‹‹‹‹‹‹‹‹‹‹‹‹‹‹‹‹‹‹‹‹‹‹‹‹‹‹‹‹‹‹‹‹‹‹‹‹‹‹‹‹‹‹‹‹‹‹‹‹‹‹‹‹‹‹‹‹‹‹‹‹‹‹‹‹‹‹‹‹‹‹‹‹‹‹‹‹‹‹‹‹‹‹‹‹‹‹‹‹‹‹‹‹‹‹‹‹‹‹‹‹‹‹‹‹‹‹‹‹‹‹‹‹‹‹‹‹‹‹‹‹‹‹‹‹‹‹‹‹‹‹‹‹‹‹‹‹‹‹‹‹‹‹‹‹‹‹‹‹‹‹‹‹‹‹‹‹‹‹‹‹‹‹‹‹‹‹‹‹‹‹‹
MKNK1 ‹‹‹‹‹‹‹‹‹‹‹‹‹‹‹‹‹‹‹‹‹‹‹‹‹‹‹‹‹‹‹‹‹‹‹‹‹‹‹‹‹‹‹‹‹‹‹‹‹‹‹‹‹‹‹‹‹‹‹‹‹‹‹‹‹‹‹‹‹‹‹‹‹‹‹‹‹‹‹‹‹‹‹‹‹‹‹‹‹‹‹‹‹‹‹‹‹‹‹‹‹‹‹‹‹‹‹‹‹‹‹‹‹‹‹‹‹‹‹‹‹‹‹‹‹‹‹‹‹‹‹‹‹‹‹‹‹‹‹‹‹‹‹‹‹‹‹‹‹‹‹‹‹‹‹‹‹‹‹‹‹‹‹‹‹‹‹‹‹‹‹‹‹‹‹‹‹‹‹‹‹‹‹‹‹‹‹‹‹‹‹‹‹‹‹‹‹‹‹‹‹‹‹‹‹‹‹‹‹‹‹‹‹‹‹‹‹‹‹‹‹‹‹‹‹‹‹‹‹‹‹‹‹‹‹‹‹‹‹‹‹‹‹‹‹‹‹‹‹‹‹‹‹‹‹‹‹‹‹‹
MKNK1 ‹‹‹‹‹‹‹‹‹‹‹‹‹‹‹‹‹‹‹‹‹‹‹‹‹‹‹‹‹‹‹‹‹‹‹‹‹‹‹‹‹‹‹‹‹‹‹‹‹‹‹‹‹‹‹‹‹‹‹‹‹‹‹‹‹‹‹‹‹‹‹‹‹‹‹‹‹‹‹‹‹‹‹‹‹‹‹‹‹‹‹‹‹‹‹‹‹‹‹‹‹‹‹‹‹‹‹‹‹‹‹‹‹‹‹‹‹‹‹‹‹‹‹‹‹‹‹‹‹‹‹‹‹‹‹‹‹‹‹‹‹‹‹‹‹‹‹‹‹‹‹‹‹‹‹‹‹‹‹‹‹‹‹‹‹‹‹‹‹‹‹‹‹‹‹‹‹‹‹‹‹‹‹‹‹‹‹‹‹‹‹‹‹‹‹‹‹‹‹‹‹‹‹‹‹‹‹‹‹‹‹‹‹‹‹‹‹‹‹‹‹‹‹‹‹‹‹‹‹‹‹‹‹‹‹‹‹‹‹‹‹‹‹‹‹‹‹‹‹‹‹‹‹‹‹‹‹‹‹‹
MKNK1 ‹‹‹‹‹‹‹‹‹‹‹‹‹‹‹‹‹‹‹‹‹‹‹‹‹‹‹‹‹‹‹‹‹‹‹‹‹‹‹‹‹‹‹‹‹‹‹‹‹‹‹‹‹‹‹‹‹‹‹‹‹‹‹‹‹‹‹‹‹‹‹‹‹‹‹‹‹‹‹‹‹‹‹‹‹‹‹‹‹‹‹‹‹‹‹‹‹‹‹‹‹‹‹‹‹‹‹‹‹‹‹‹‹‹‹‹‹‹‹‹‹‹‹‹‹‹‹‹‹‹‹‹‹‹‹‹‹‹‹‹‹‹‹‹‹‹‹‹‹‹‹‹‹‹‹‹‹‹‹‹‹‹‹‹‹‹‹‹‹‹‹‹‹‹‹‹‹‹‹‹‹‹‹‹‹‹‹‹‹‹‹‹‹‹‹‹‹‹‹‹‹‹‹‹‹‹‹‹‹‹‹‹‹‹‹‹‹‹‹‹‹‹‹‹‹‹‹‹‹‹‹‹‹‹‹‹‹‹‹‹‹‹‹‹‹‹‹‹‹‹‹‹‹‹‹‹‹‹‹‹
MKNK1 ‹‹‹‹‹‹‹‹‹‹‹‹‹‹‹‹‹‹‹‹‹‹‹‹‹‹‹‹‹‹‹‹‹‹‹‹‹‹‹‹‹‹‹‹‹‹‹‹‹‹‹‹‹‹‹‹‹‹‹‹‹‹‹‹‹‹‹‹‹‹‹‹‹‹‹‹‹‹‹‹‹‹‹‹‹‹‹‹‹‹‹‹‹‹‹‹‹‹‹‹‹‹‹‹‹‹‹‹‹‹‹‹‹‹‹‹‹‹‹‹‹‹‹‹‹‹‹‹‹‹‹‹‹‹‹‹‹‹‹‹‹‹‹‹‹‹‹‹‹‹‹‹‹‹‹‹‹‹‹‹‹‹‹‹‹‹‹‹‹‹‹‹‹‹‹‹‹‹‹‹‹‹‹‹‹‹‹‹‹‹‹‹‹‹‹‹‹‹‹‹‹‹‹‹‹‹‹‹‹‹‹‹‹‹‹‹‹‹‹‹‹‹‹‹‹‹‹‹‹‹‹‹‹‹‹‹‹‹‹‹‹‹‹‹‹‹‹‹‹‹‹‹‹‹‹‹‹‹‹‹
MKNK1 ‹‹‹‹‹‹‹‹‹‹‹‹‹‹‹‹‹‹‹‹‹‹‹‹‹‹‹‹‹‹‹‹‹‹‹‹‹‹‹‹‹‹‹‹‹‹‹‹‹‹‹‹‹‹‹‹‹‹‹‹‹‹‹‹‹‹‹‹‹‹‹‹‹‹‹‹‹‹‹‹‹‹‹‹‹‹‹‹‹‹‹‹‹‹‹‹‹‹‹‹‹‹‹‹‹‹‹‹‹‹‹‹‹‹‹‹‹‹‹‹‹‹‹‹‹‹‹‹‹‹‹‹‹‹‹‹‹‹‹‹‹‹‹‹‹‹‹‹‹‹‹‹‹‹‹‹‹‹‹‹‹‹‹‹‹‹‹‹‹‹‹‹‹‹‹‹‹‹‹‹‹‹‹‹‹‹‹‹‹‹‹‹‹‹‹‹‹‹‹‹‹‹‹‹‹‹‹‹‹‹‹‹‹‹‹‹‹‹‹‹‹‹‹‹‹‹‹‹‹‹‹‹‹‹‹‹‹‹‹‹‹‹‹‹‹‹‹‹‹‹‹‹‹‹‹‹‹‹‹‹
MKNK1 ‹‹‹‹‹‹‹‹‹‹‹‹‹‹‹‹‹‹‹‹‹‹‹‹‹‹‹‹‹‹‹‹‹‹‹‹‹‹‹‹‹‹‹‹‹‹‹‹‹‹‹‹‹‹‹‹‹‹‹‹‹‹‹‹‹‹‹‹‹‹‹‹‹‹‹‹‹‹‹‹‹‹‹‹‹‹‹‹‹‹‹‹‹‹‹‹‹‹‹‹‹‹‹‹‹‹‹‹‹‹‹‹‹‹‹‹‹‹‹‹‹‹‹‹‹‹‹‹‹‹‹‹‹‹‹‹‹‹‹‹‹‹‹‹‹‹‹‹‹‹‹‹‹‹‹‹‹‹‹‹‹‹‹‹‹‹‹‹‹‹‹‹‹‹‹‹‹‹‹‹‹‹‹‹‹‹‹‹‹‹‹‹‹‹‹‹‹‹‹‹‹‹‹‹‹‹‹‹‹‹‹‹‹‹‹‹‹‹‹‹‹‹‹‹‹‹‹‹‹‹‹‹‹‹‹‹‹‹‹‹‹‹‹‹‹‹‹‹‹‹‹‹‹‹‹‹‹‹‹‹
MKNK1 ‹‹‹‹‹‹‹‹‹‹‹‹‹‹‹‹‹‹‹‹‹‹‹‹‹‹‹‹‹‹‹‹‹‹‹‹‹‹‹‹‹‹‹‹‹‹‹‹‹‹‹‹‹‹‹‹‹‹‹‹‹‹‹‹‹‹‹‹‹‹‹‹‹‹‹‹‹‹‹‹‹‹‹‹‹‹‹‹‹‹‹‹‹‹‹‹‹‹‹‹‹‹‹‹‹‹‹‹‹‹‹‹‹‹‹‹‹‹‹‹‹‹‹‹‹‹‹‹‹‹‹‹‹‹‹‹‹‹‹‹‹‹‹‹‹‹‹‹‹‹‹‹‹‹‹‹‹‹‹‹‹‹‹‹‹‹‹‹‹‹‹‹‹‹‹‹‹‹‹‹‹‹‹‹‹‹‹‹‹‹‹‹‹‹‹‹‹‹‹‹‹‹‹‹‹‹‹‹‹‹‹‹‹‹‹‹‹‹‹‹‹‹‹‹‹‹‹‹‹‹‹‹‹‹‹‹‹‹‹‹‹‹‹‹‹‹‹‹‹‹‹‹‹‹‹‹‹‹‹‹
MKNK1 ‹‹‹‹‹‹‹‹‹‹‹‹‹‹‹‹‹‹‹‹‹‹‹‹‹‹‹‹‹‹‹‹‹‹‹‹‹‹‹‹‹‹‹‹‹‹‹‹‹‹‹‹‹‹‹‹‹‹‹‹‹‹‹‹‹‹‹‹‹‹‹‹‹‹‹‹‹‹‹‹‹‹‹‹‹‹‹‹‹‹‹‹‹‹‹‹‹‹‹‹‹‹‹‹‹‹‹‹‹‹‹‹‹‹‹‹‹‹‹‹‹‹‹‹‹‹‹‹‹‹‹‹‹‹‹‹‹‹‹‹‹‹‹‹‹‹‹‹‹‹‹‹‹‹‹‹‹‹‹‹‹‹‹‹‹‹‹‹‹‹‹‹‹‹‹‹‹‹‹‹‹‹‹‹‹‹‹‹‹‹‹‹‹‹‹‹‹‹‹‹‹‹‹‹‹‹‹‹‹‹‹‹‹‹‹‹‹‹‹‹‹‹‹‹‹‹‹‹‹‹‹‹‹‹‹‹‹‹‹‹‹‹‹‹‹‹‹‹‹‹‹‹‹‹‹‹‹‹‹‹
MKNK1 ‹‹‹‹‹‹‹‹‹‹‹‹‹‹‹‹‹‹‹‹‹‹‹‹‹‹‹‹‹‹‹‹‹‹‹‹‹‹‹‹‹‹‹‹‹‹‹‹‹‹‹‹‹‹‹‹‹‹‹‹‹‹‹‹‹‹‹‹‹‹‹‹‹‹‹‹‹‹‹‹‹‹‹‹‹‹‹‹‹‹‹‹‹‹‹‹‹‹‹‹‹‹‹‹‹‹‹‹‹‹‹‹‹‹‹‹‹‹‹‹‹‹‹‹‹‹‹‹‹‹‹‹‹‹‹‹‹‹‹‹‹‹‹‹‹‹‹‹‹‹‹‹‹‹‹‹‹‹‹‹‹‹‹‹‹‹‹‹‹‹‹‹‹‹‹‹‹‹‹‹‹‹‹‹‹‹‹‹‹‹‹‹‹‹‹‹‹‹‹‹‹‹‹‹‹‹‹‹‹‹‹‹‹‹‹‹‹‹‹‹‹‹‹‹‹‹‹‹‹‹‹‹‹‹‹‹‹‹‹‹‹‹‹‹‹‹‹‹‹‹‹‹‹‹‹‹‹‹‹‹
RefSeq genes from NCBI
RefSeq Curated
Publications: Sequences in Scientific Articles
Sequences
SNPs
OMIM Gene Phenotypes - Dark Green Can Be Disease-causing
OMIM Genes
Short Genetic Variants from dbSNP release 155
Common dbSNP(155)
Gene Expression in 54 tissues from GTEx RNA-seq of 17382 samples, 948 donors (V8, Aug 2019)
MKNK1
H3K27Ac Mark (Often Found Near Active Regulatory Elements) on 7 cell lines from ENCODE
Layered H3K27Ac
4.88 _	100 vertebrates Basewise Conservation by PhyloP
100 Vert. Cons
-4.5 _
A	G	G	G	G
Multiz Alignments of 100 Vertebrates
Gaps
Human	A	G	G	T	G	G
Rhesus	A	G	G	T	G	G
Mouse	A	G	G	T	G	G
Dog	A	A	G	T	G	G
Elephant	A	G	G	G	A	G
Chicken	=	=	=	=	=	=
X_tropicalis	=	=	=	=	=	=
Zebrafish	=	=	=	=	=	=
Repeating Elements by RepeatMasker
RepeatMasker
